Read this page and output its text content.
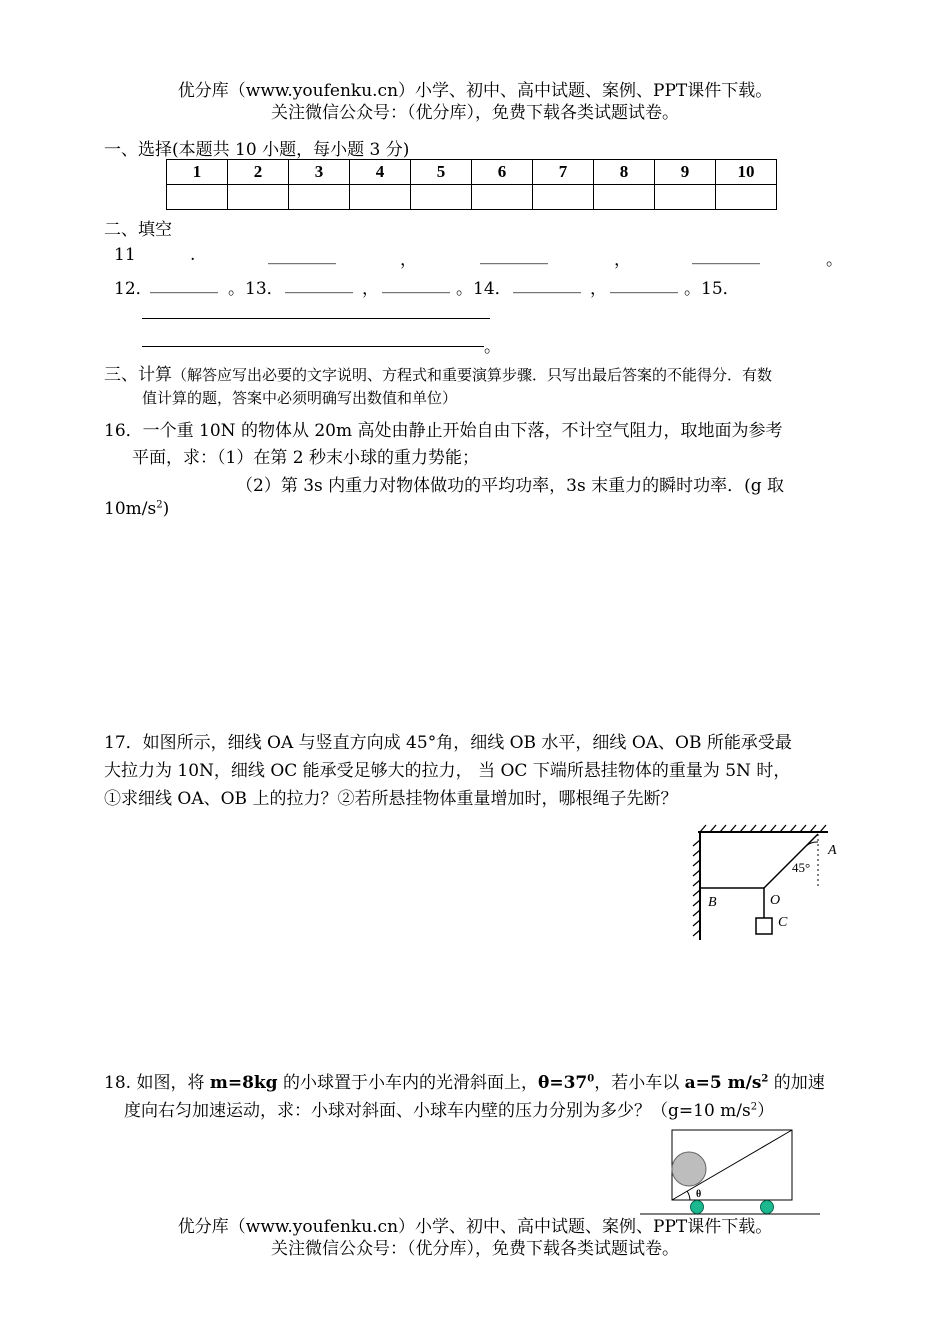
优分库（www.youfenku.cn）小学、初中、高中试题、案例、PPT课件下载。
关注微信公众号：（优分库），免费下载各类试题试卷。
一、选择(本题共 10 小题，每小题 3 分)
1	2	3	4	5	6	7	8	9	10

二、填空
11	.	________	，	________	，	________	。
12．
________ 。13． ________ ， ________ 。14． ________ ， ________ 。15．
。
三、计算（解答应写出必要的文字说明、方程式和重要演算步骤．只写出最后答案的不能得分．有数
值计算的题，答案中必须明确写出数值和单位）
16．一个重 10N 的物体从 20m 高处由静止开始自由下落，不计空气阻力，取地面为参考
平面，求：（1）在第 2 秒末小球的重力势能；
（2）第 3s 内重力对物体做功的平均功率，3s 末重力的瞬时功率．(g 取
$10m/s^2$)
17．如图所示，细线 OA 与竖直方向成 45°角，细线 OB 水平，细线 OA、OB 所能承受最
大拉力为 10N，细线 OC 能承受足够大的拉力， 当 OC 下端所悬挂物体的重量为 5N 时，
①求细线 OA、OB 上的拉力？②若所悬挂物体重量增加时，哪根绳子先断？
45°
A
B	O
C
18. 如图，将 m=8kg 的小球置于小车内的光滑斜面上，$\theta=37^0$，若小车以 a=5 $m/s^2$ 的加速
度向右匀加速运动，求：小球对斜面、小球车内壁的压力分别为多少？（g=10 $m/s^2$）
θ
优分库（www.youfenku.cn）小学、初中、高中试题、案例、PPT课件下载。
关注微信公众号：（优分库），免费下载各类试题试卷。
